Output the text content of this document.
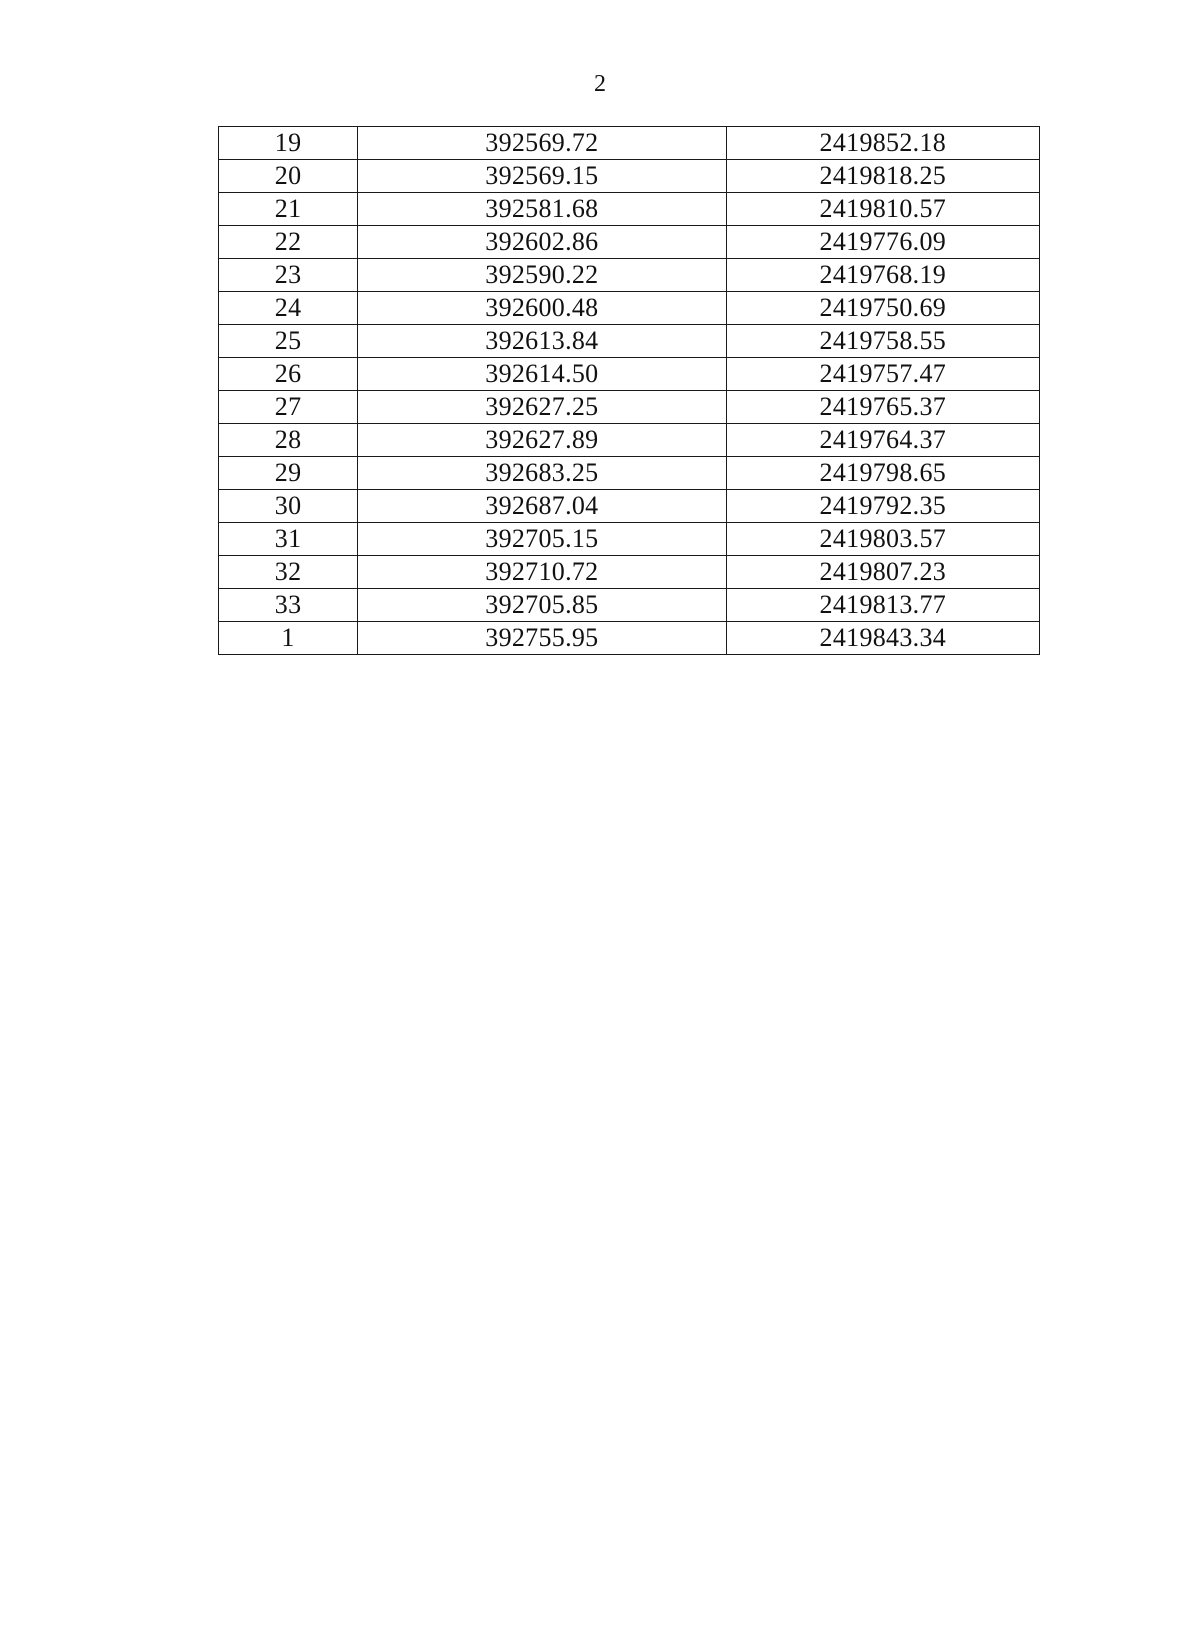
2
19	392569.72	2419852.18
20	392569.15	2419818.25
21	392581.68	2419810.57
22	392602.86	2419776.09
23	392590.22	2419768.19
24	392600.48	2419750.69
25	392613.84	2419758.55
26	392614.50	2419757.47
27	392627.25	2419765.37
28	392627.89	2419764.37
29	392683.25	2419798.65
30	392687.04	2419792.35
31	392705.15	2419803.57
32	392710.72	2419807.23
33	392705.85	2419813.77
1	392755.95	2419843.34
